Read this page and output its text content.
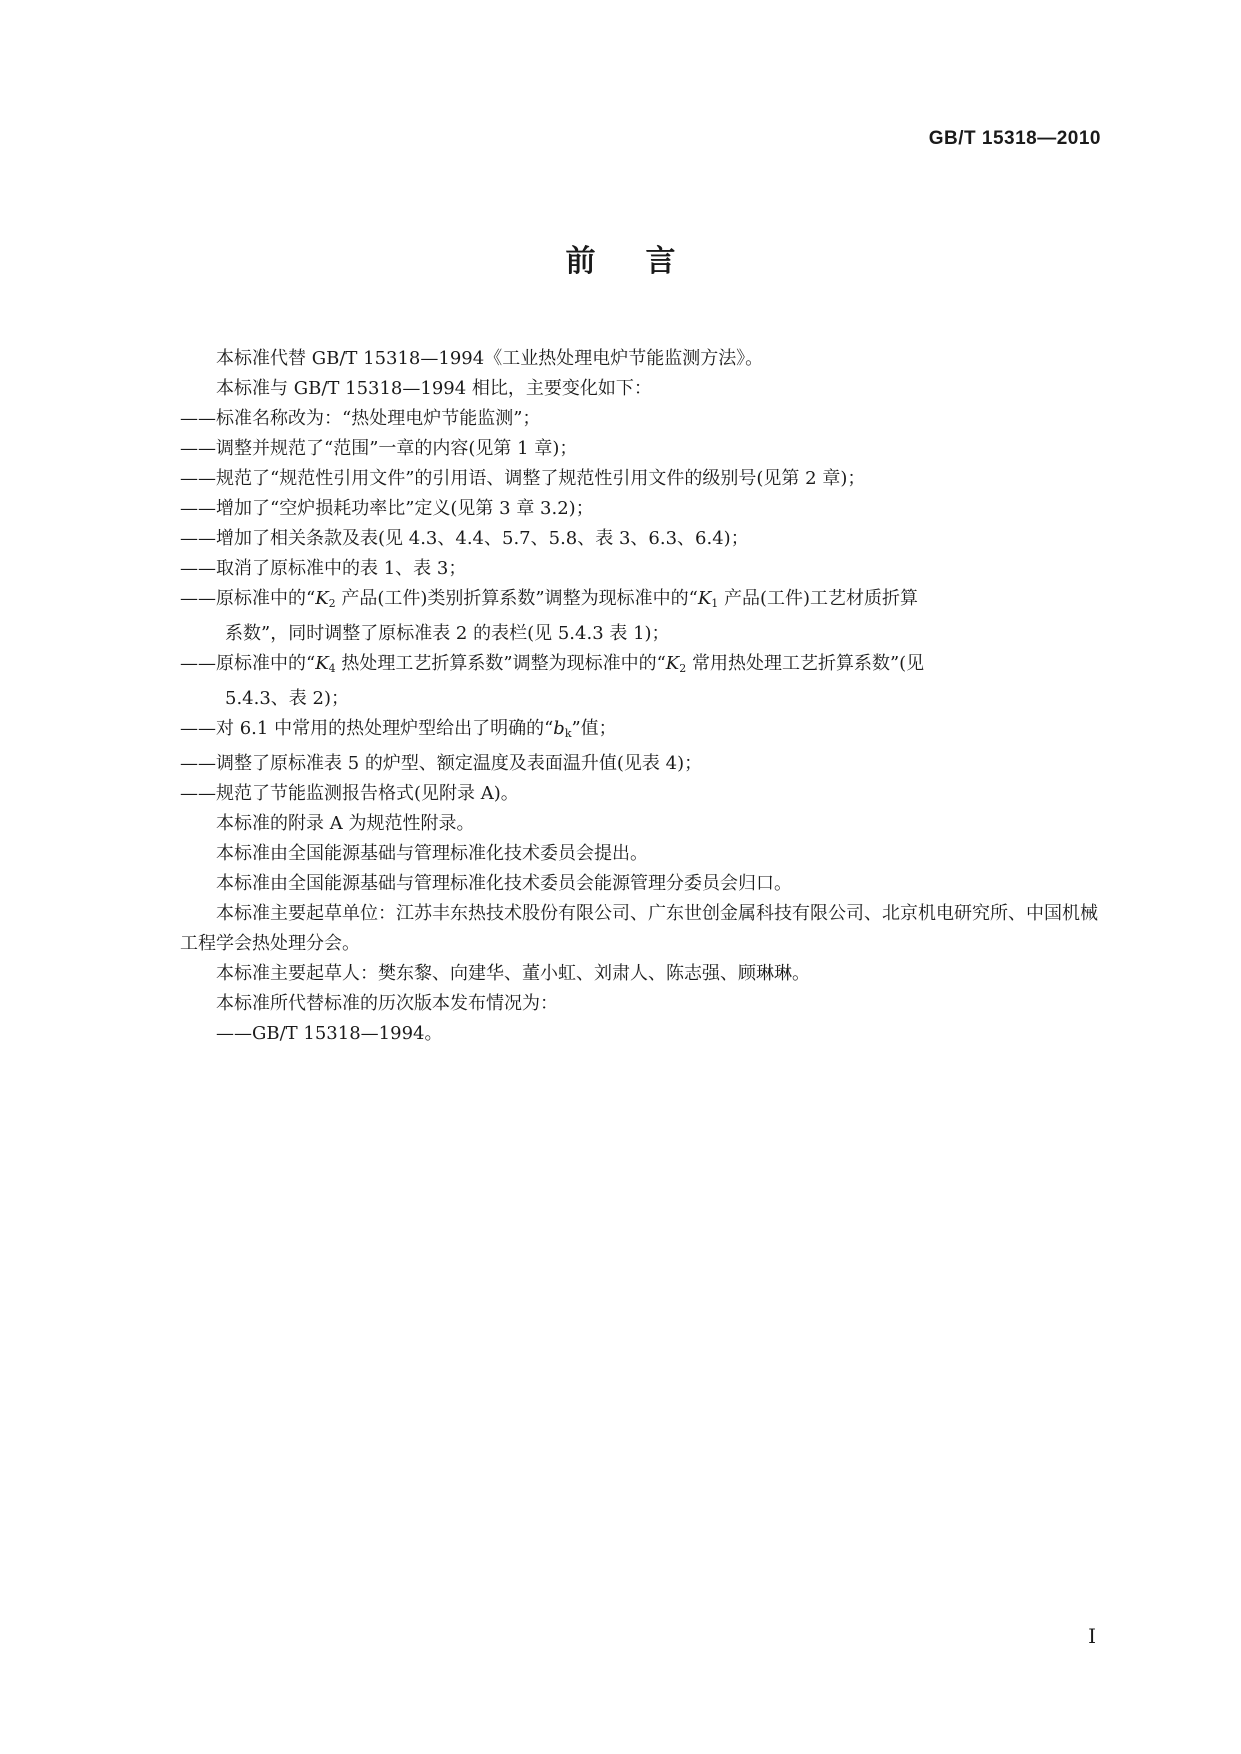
GB/T 15318—2010
前言
本标准代替 GB/T 15318—1994《工业热处理电炉节能监测方法》。
本标准与 GB/T 15318—1994 相比，主要变化如下：
——标准名称改为：“热处理电炉节能监测”；
——调整并规范了“范围”一章的内容(见第 1 章)；
——规范了“规范性引用文件”的引用语、调整了规范性引用文件的级别号(见第 2 章)；
——增加了“空炉损耗功率比”定义(见第 3 章 3.2)；
——增加了相关条款及表(见 4.3、4.4、5.7、5.8、表 3、6.3、6.4)；
——取消了原标准中的表 1、表 3；
——原标准中的“$K_2$ 产品(工件)类别折算系数”调整为现标准中的“$K_1$ 产品(工件)工艺材质折算
系数”，同时调整了原标准表 2 的表栏(见 5.4.3 表 1)；
——原标准中的“$K_4$ 热处理工艺折算系数”调整为现标准中的“$K_2$ 常用热处理工艺折算系数”(见
5.4.3、表 2)；
——对 6.1 中常用的热处理炉型给出了明确的“$b_k$”值；
——调整了原标准表 5 的炉型、额定温度及表面温升值(见表 4)；
——规范了节能监测报告格式(见附录 A)。
本标准的附录 A 为规范性附录。
本标准由全国能源基础与管理标准化技术委员会提出。
本标准由全国能源基础与管理标准化技术委员会能源管理分委员会归口。
本标准主要起草单位：江苏丰东热技术股份有限公司、广东世创金属科技有限公司、北京机电研究所、中国机械工程学会热处理分会。
本标准主要起草人：樊东黎、向建华、董小虹、刘肃人、陈志强、顾琳琳。
本标准所代替标准的历次版本发布情况为：
——GB/T 15318—1994。
Ⅰ
